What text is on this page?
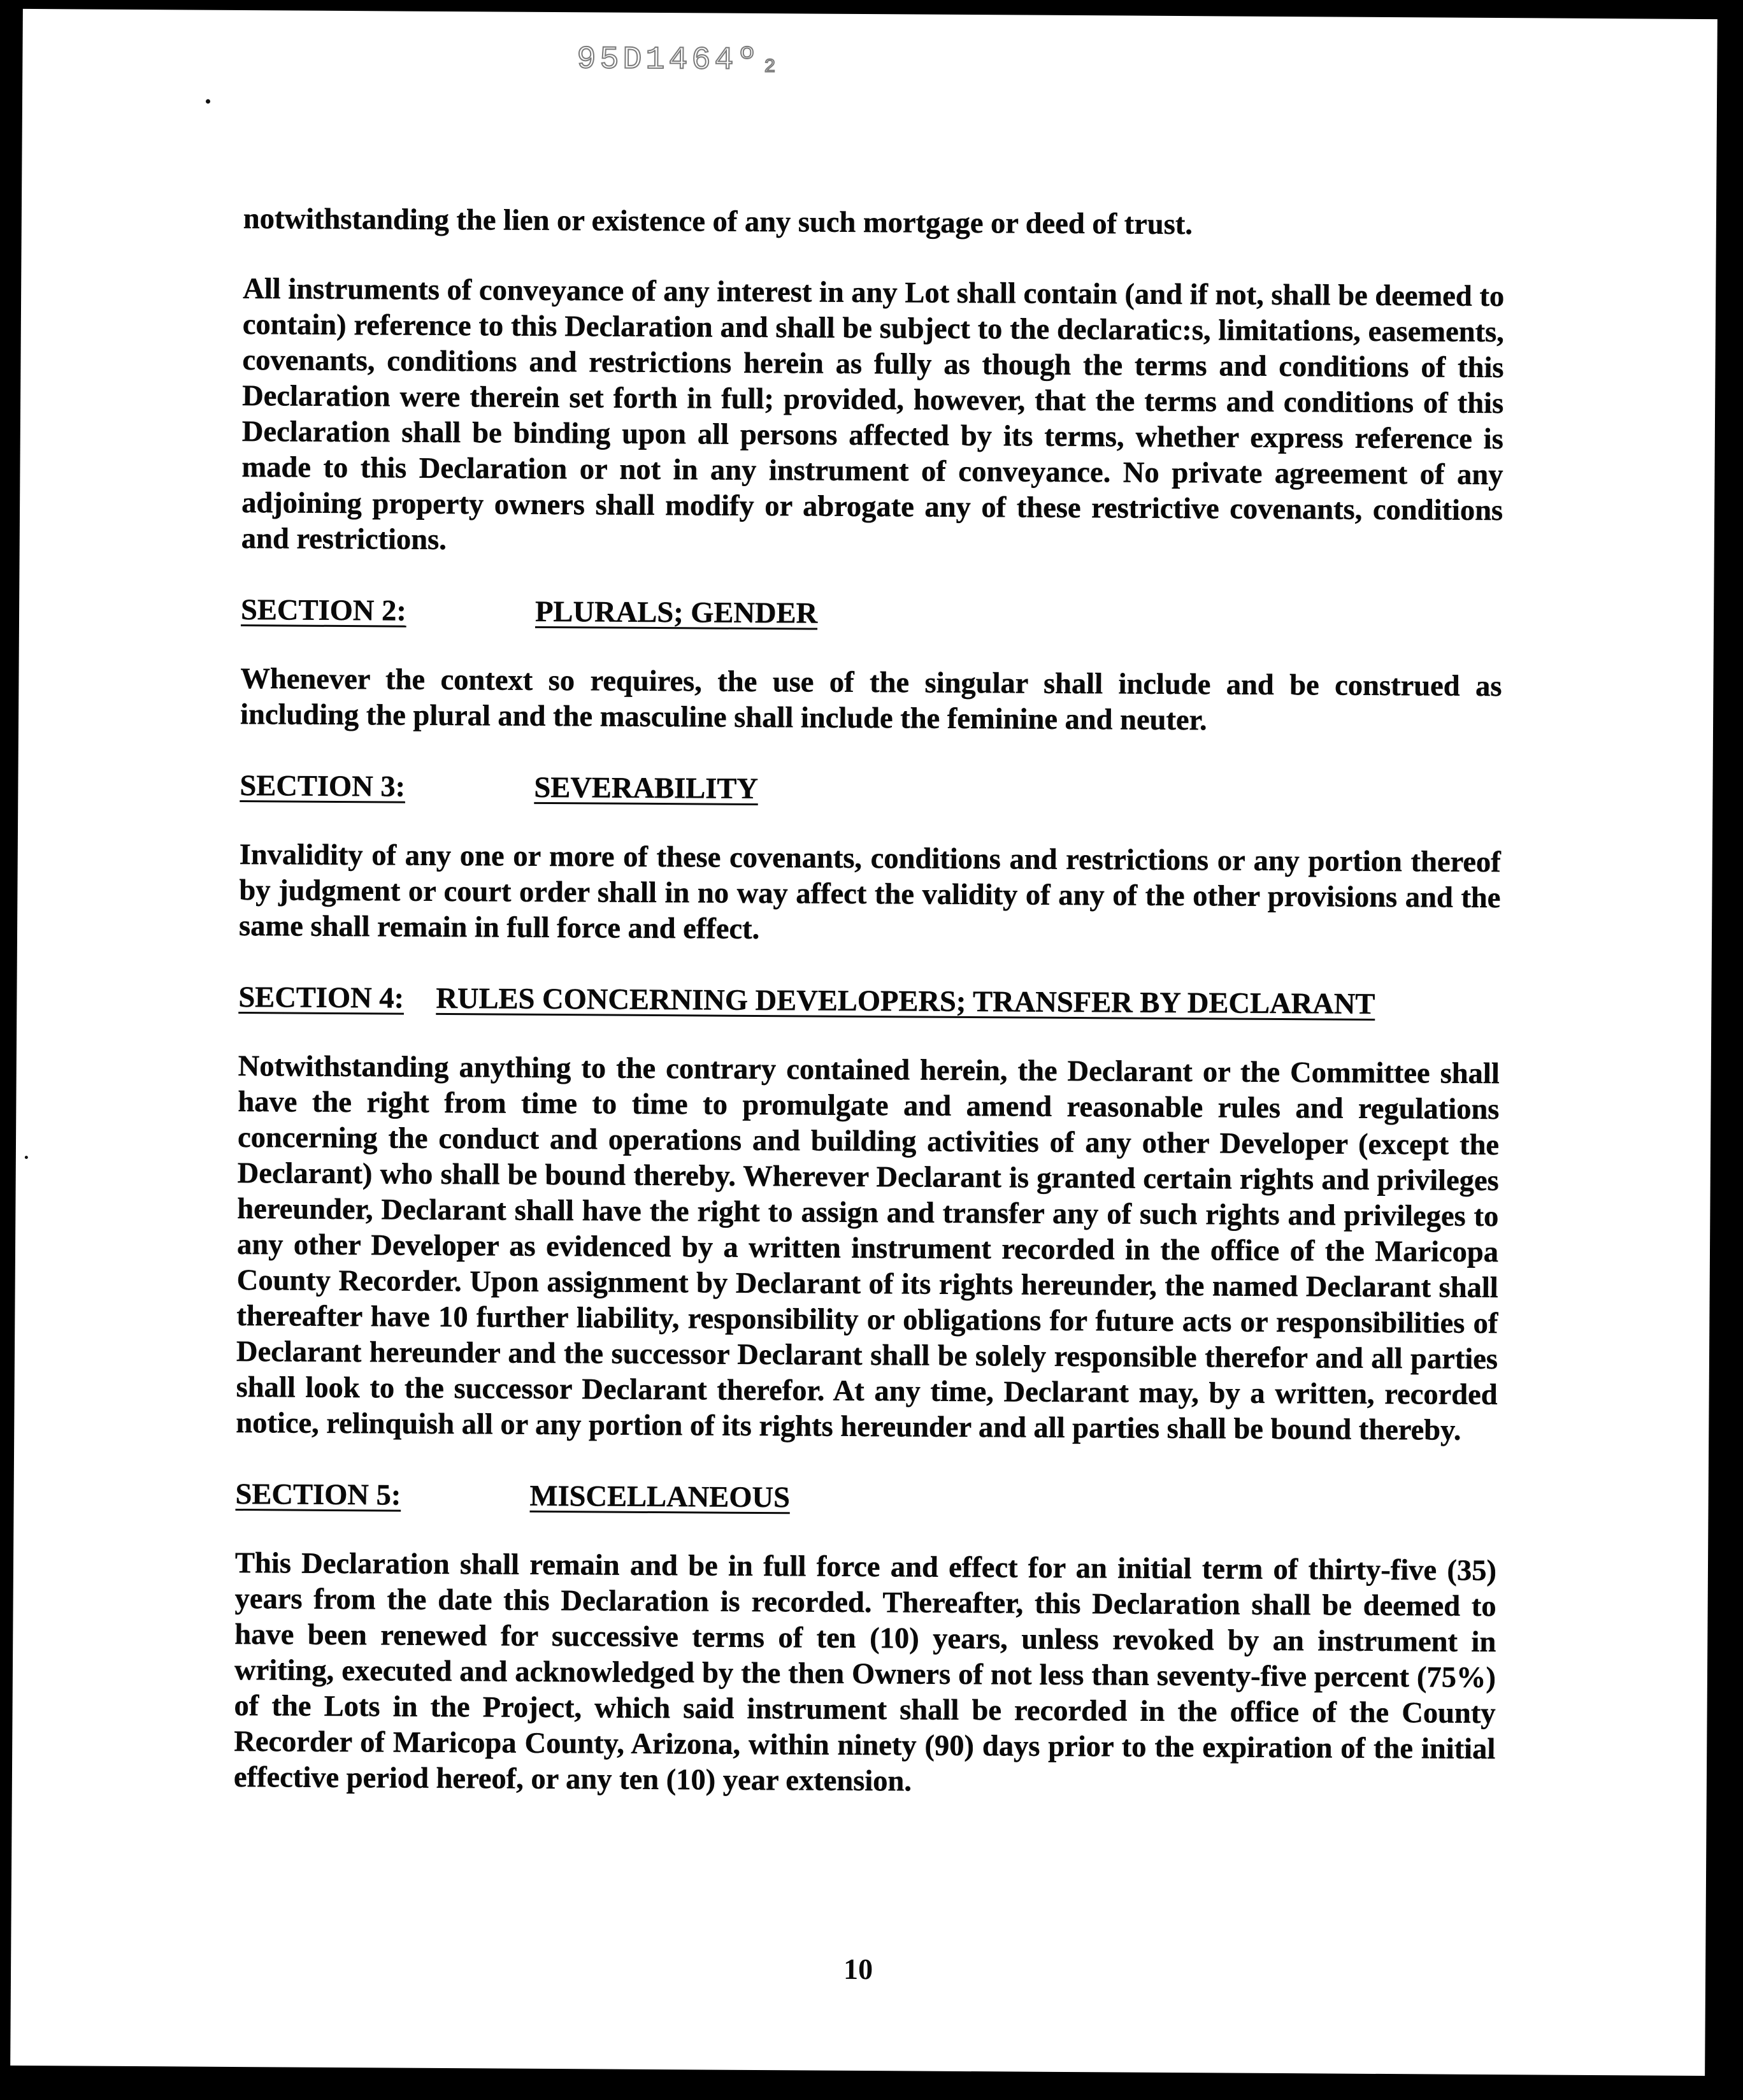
95D1464º₂

notwithstanding the lien or existence of any such mortgage or deed of trust.

All instruments of conveyance of any interest in any Lot shall contain (and if not, shall be deemed to contain) reference to this Declaration and shall be subject to the declaratic:s, limitations, easements, covenants, conditions and restrictions herein as fully as though the terms and conditions of this Declaration were therein set forth in full; provided, however, that the terms and conditions of this Declaration shall be binding upon all persons affected by its terms, whether express reference is made to this Declaration or not in any instrument of conveyance. No private agreement of any adjoining property owners shall modify or abrogate any of these restrictive covenants, conditions and restrictions.

SECTION 2:	PLURALS; GENDER

Whenever the context so requires, the use of the singular shall include and be construed as including the plural and the masculine shall include the feminine and neuter.

SECTION 3:	SEVERABILITY

Invalidity of any one or more of these covenants, conditions and restrictions or any portion thereof by judgment or court order shall in no way affect the validity of any of the other provisions and the same shall remain in full force and effect.

SECTION 4: RULES CONCERNING DEVELOPERS; TRANSFER BY DECLARANT

Notwithstanding anything to the contrary contained herein, the Declarant or the Committee shall have the right from time to time to promulgate and amend reasonable rules and regulations concerning the conduct and operations and building activities of any other Developer (except the Declarant) who shall be bound thereby. Wherever Declarant is granted certain rights and privileges hereunder, Declarant shall have the right to assign and transfer any of such rights and privileges to any other Developer as evidenced by a written instrument recorded in the office of the Maricopa County Recorder. Upon assignment by Declarant of its rights hereunder, the named Declarant shall thereafter have 10 further liability, responsibility or obligations for future acts or responsibilities of Declarant hereunder and the successor Declarant shall be solely responsible therefor and all parties shall look to the successor Declarant therefor. At any time, Declarant may, by a written, recorded notice, relinquish all or any portion of its rights hereunder and all parties shall be bound thereby.

SECTION 5:	MISCELLANEOUS

This Declaration shall remain and be in full force and effect for an initial term of thirty-five (35) years from the date this Declaration is recorded. Thereafter, this Declaration shall be deemed to have been renewed for successive terms of ten (10) years, unless revoked by an instrument in writing, executed and acknowledged by the then Owners of not less than seventy-five percent (75%) of the Lots in the Project, which said instrument shall be recorded in the office of the County Recorder of Maricopa County, Arizona, within ninety (90) days prior to the expiration of the initial effective period hereof, or any ten (10) year extension.

10
